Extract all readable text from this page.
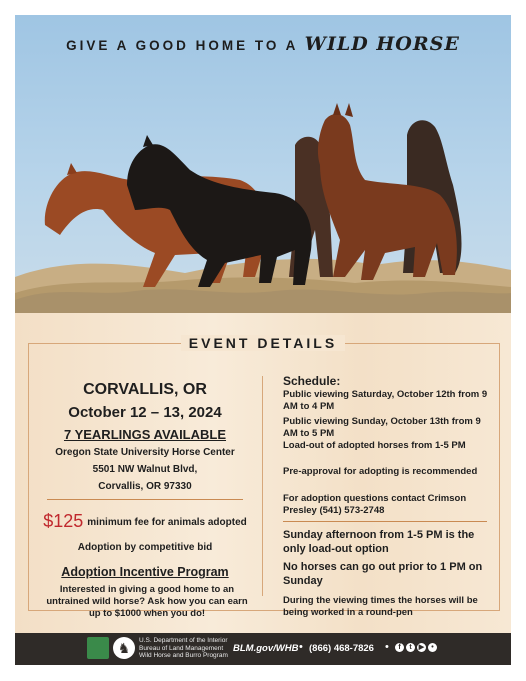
GIVE A GOOD HOME TO A WILD HORSE
EVENT DETAILS
CORVALLIS, OR
October 12 – 13, 2024
7 YEARLINGS AVAILABLE
Oregon State University Horse Center
5501 NW Walnut Blvd,
Corvallis, OR 97330
$125 minimum fee for animals adopted
Adoption by competitive bid
Adoption Incentive Program
Interested in giving a good home to an untrained wild horse? Ask how you can earn up to $1000 when you do!
Schedule:
Public viewing Saturday, October 12th from 9 AM to 4 PM
Public viewing Sunday, October 13th from 9 AM to 5 PM
Load-out of adopted horses from 1-5 PM
Pre-approval for adopting is recommended
For adoption questions contact Crimson Presley (541) 573-2748
Sunday afternoon from 1-5 PM is the only load-out option
No horses can go out prior to 1 PM on Sunday
During the viewing times the horses will be being worked in a round-pen
♞	U.S. Department of the Interior
Bureau of Land Management
Wild Horse and Burro Program
BLM.gov/WHB • (866) 468-7826 •	f	t	▶	•
